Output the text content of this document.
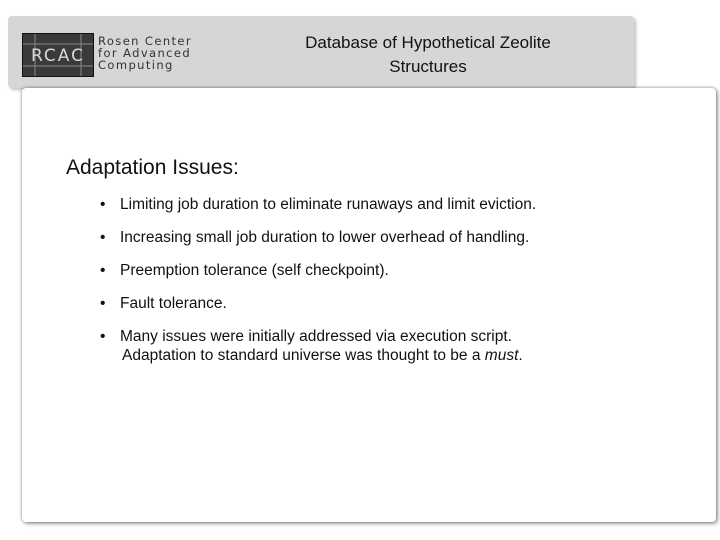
RCAC
Rosen Center
for Advanced
Computing
Database of Hypothetical Zeolite
Structures
Adaptation Issues:
• Limiting job duration to eliminate runaways and limit eviction.
• Increasing small job duration to lower overhead of handling.
• Preemption tolerance (self checkpoint).
• Fault tolerance.
• Many issues were initially addressed via execution script.
Adaptation to standard universe was thought to be a must.
